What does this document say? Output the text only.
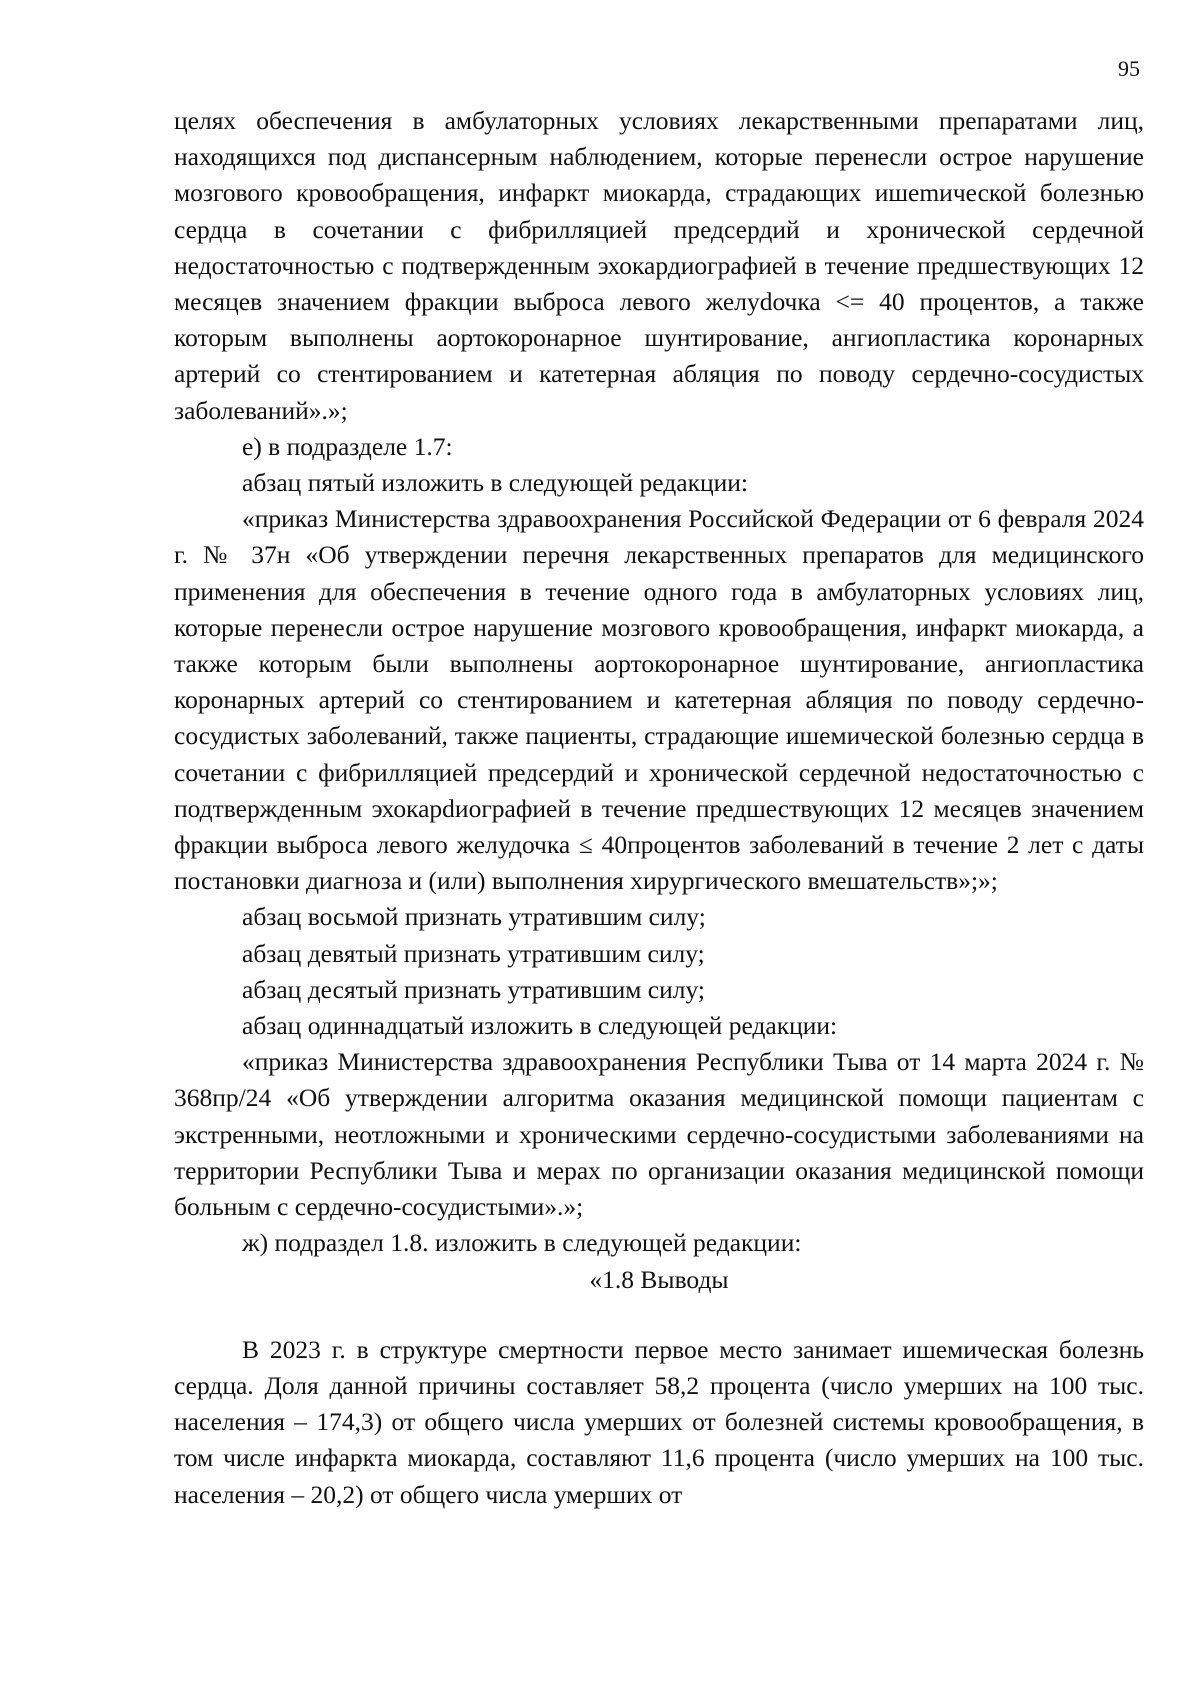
95

целях обеспечения в амбулаторных условиях лекарственными препаратами лиц, находящихся под диспансерным наблюдением, которые перенесли острое нарушение мозгового кровообращения, инфаркт миокарда, страдающих ишеmической болезнью сердца в сочетании с фибрилляцией предсердий и хронической сердечной недостаточностью с подтвержденным эхокардиографией в течение предшествующих 12 месяцев значением фракции выброса левого желуdочка <= 40 процентов, а также которым выполнены аортокоронарное шунтирование, ангиопластика коронарных артерий со стентированием и катетерная абляция по поводу сердечно-сосудистых заболеваний».»;

е) в подразделе 1.7:

абзац пятый изложить в следующей редакции:

«приказ Министерства здравоохранения Российской Федерации от 6 февраля 2024 г. № 37н «Об утверждении перечня лекарственных препаратов для медицинского применения для обеспечения в течение одного года в амбулаторных условиях лиц, которые перенесли острое нарушение мозгового кровообращения, инфаркт миокарда, а также которым были выполнены аортокоронарное шунтирование, ангиопластика коронарных артерий со стентированием и катетерная абляция по поводу сердечно-сосудистых заболеваний, также пациенты, страдающие ишемической болезнью сердца в сочетании с фибрилляцией предсердий и хронической сердечной недостаточностью с подтвержденным эхокарdиографией в течение предшествующих 12 месяцев значением фракции выброса левого желудочка ≤ 40процентов заболеваний в течение 2 лет с даты постановки диагноза и (или) выполнения хирургического вмешательств»;»;

абзац восьмой признать утратившим силу;

абзац девятый признать утратившим силу;

абзац десятый признать утратившим силу;

абзац одиннадцатый изложить в следующей редакции:

«приказ Министерства здравоохранения Республики Тыва от 14 марта 2024 г. № 368пр/24 «Об утверждении алгоритма оказания медицинской помощи пациентам с экстренными, неотложными и хроническими сердечно-сосудистыми заболеваниями на территории Республики Тыва и мерах по организации оказания медицинской помощи больным с сердечно-сосудистыми».»;

ж) подраздел 1.8. изложить в следующей редакции:

«1.8 Выводы

В 2023 г. в структуре смертности первое место занимает ишемическая болезнь сердца. Доля данной причины составляет 58,2 процента (число умерших на 100 тыс. населения – 174,3) от общего числа умерших от болезней системы кровообращения, в том числе инфаркта миокарда, составляют 11,6 процента (число умерших на 100 тыс. населения – 20,2) от общего числа умерших от
